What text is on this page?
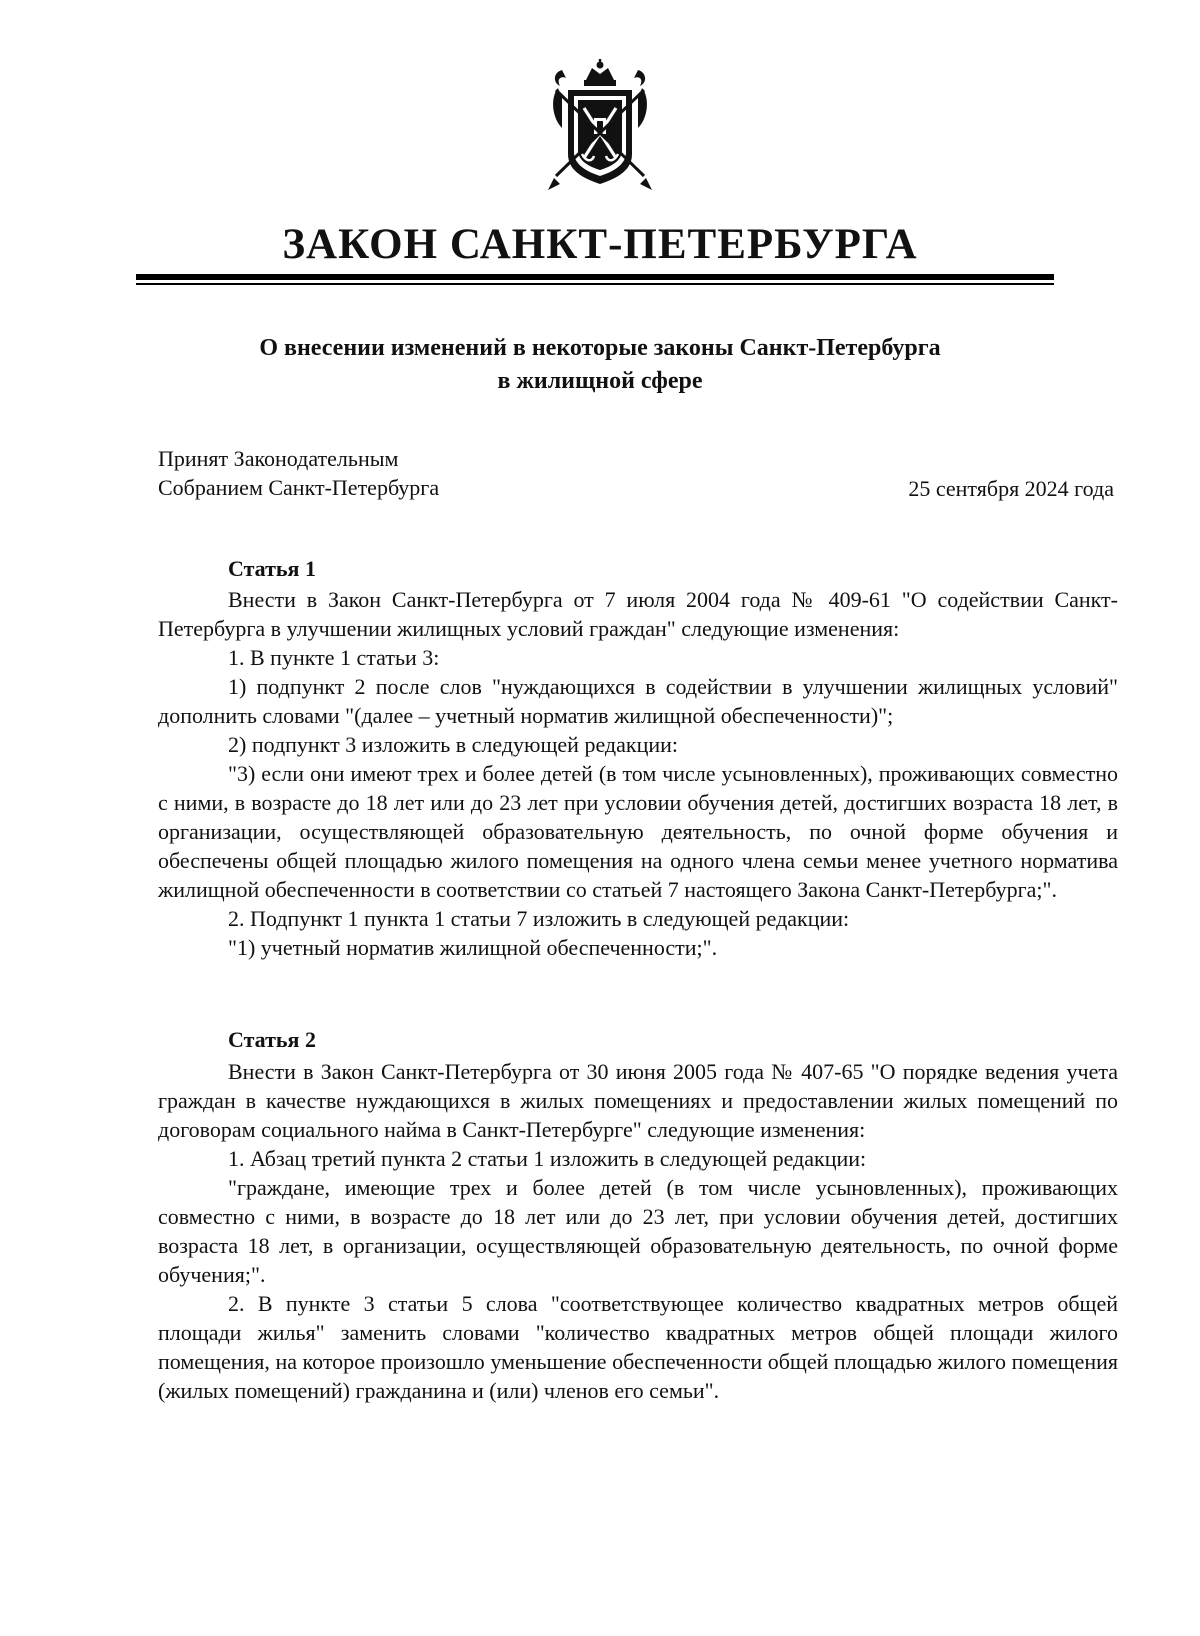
ЗАКОН САНКТ-ПЕТЕРБУРГА
О внесении изменений в некоторые законы Санкт-Петербурга
в жилищной сфере
Принят Законодательным
Собранием Санкт-Петербурга	25 сентября 2024 года
Статья 1

Внести в Закон Санкт-Петербурга от 7 июля 2004 года № 409-61 "О содействии Санкт-Петербурга в улучшении жилищных условий граждан" следующие изменения:

1. В пункте 1 статьи 3:

1) подпункт 2 после слов "нуждающихся в содействии в улучшении жилищных условий" дополнить словами "(далее – учетный норматив жилищной обеспеченности)";

2) подпункт 3 изложить в следующей редакции:

"3) если они имеют трех и более детей (в том числе усыновленных), проживающих совместно с ними, в возрасте до 18 лет или до 23 лет при условии обучения детей, достигших возраста 18 лет, в организации, осуществляющей образовательную деятельность, по очной форме обучения и обеспечены общей площадью жилого помещения на одного члена семьи менее учетного норматива жилищной обеспеченности в соответствии со статьей 7 настоящего Закона Санкт-Петербурга;".

2. Подпункт 1 пункта 1 статьи 7 изложить в следующей редакции:

"1) учетный норматив жилищной обеспеченности;".

Статья 2

Внести в Закон Санкт-Петербурга от 30 июня 2005 года № 407-65 "О порядке ведения учета граждан в качестве нуждающихся в жилых помещениях и предоставлении жилых помещений по договорам социального найма в Санкт-Петербурге" следующие изменения:

1. Абзац третий пункта 2 статьи 1 изложить в следующей редакции:

"граждане, имеющие трех и более детей (в том числе усыновленных), проживающих совместно с ними, в возрасте до 18 лет или до 23 лет, при условии обучения детей, достигших возраста 18 лет, в организации, осуществляющей образовательную деятельность, по очной форме обучения;".

2. В пункте 3 статьи 5 слова "соответствующее количество квадратных метров общей площади жилья" заменить словами "количество квадратных метров общей площади жилого помещения, на которое произошло уменьшение обеспеченности общей площадью жилого помещения (жилых помещений) гражданина и (или) членов его семьи".
